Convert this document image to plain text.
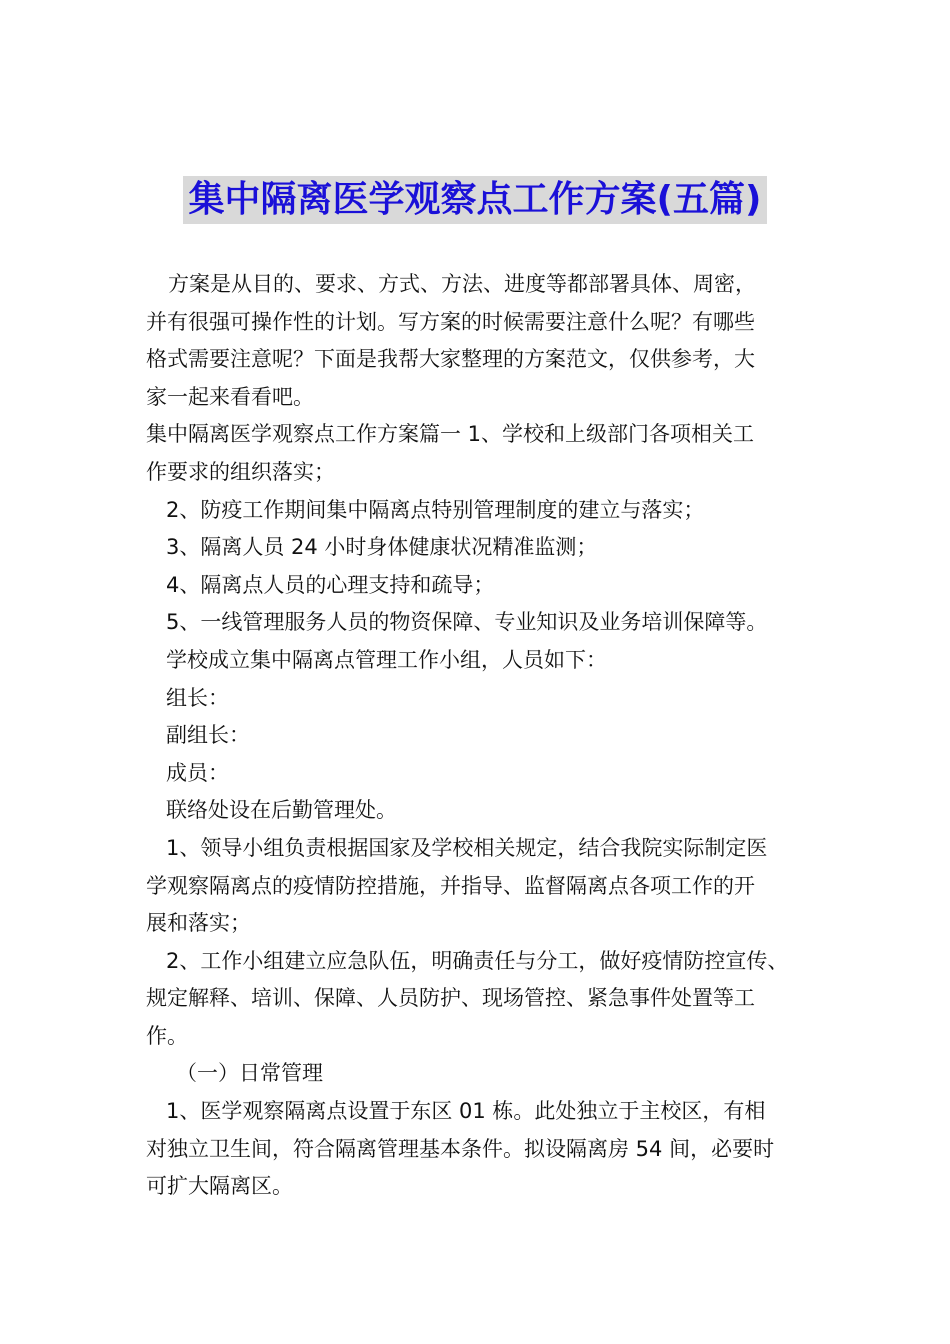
集中隔离医学观察点工作方案(五篇)

方案是从目的、要求、方式、方法、进度等都部署具体、周密，

并有很强可操作性的计划。写方案的时候需要注意什么呢？有哪些

格式需要注意呢？下面是我帮大家整理的方案范文，仅供参考，大

家一起来看看吧。

集中隔离医学观察点工作方案篇一 1、学校和上级部门各项相关工

作要求的组织落实；

2、防疫工作期间集中隔离点特别管理制度的建立与落实；

3、隔离人员 24 小时身体健康状况精准监测；

4、隔离点人员的心理支持和疏导；

5、一线管理服务人员的物资保障、专业知识及业务培训保障等。

学校成立集中隔离点管理工作小组，人员如下：

组长：

副组长：

成员：

联络处设在后勤管理处。

1、领导小组负责根据国家及学校相关规定，结合我院实际制定医

学观察隔离点的疫情防控措施，并指导、监督隔离点各项工作的开

展和落实；

2、工作小组建立应急队伍，明确责任与分工，做好疫情防控宣传、

规定解释、培训、保障、人员防护、现场管控、紧急事件处置等工

作。

（一）日常管理

1、医学观察隔离点设置于东区 01 栋。此处独立于主校区，有相

对独立卫生间，符合隔离管理基本条件。拟设隔离房 54 间，必要时

可扩大隔离区。
